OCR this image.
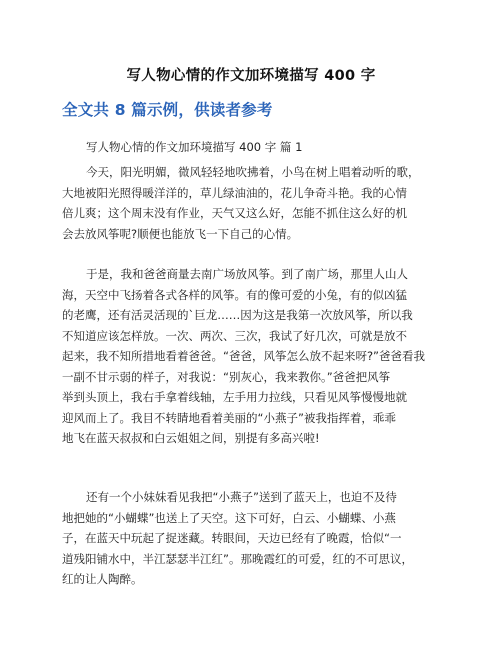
写人物心情的作文加环境描写 400 字
全文共 8 篇示例，供读者参考
写人物心情的作文加环境描写 400 字 篇 1

今天，阳光明媚，微风轻轻地吹拂着，小鸟在树上唱着动听的歌，
大地被阳光照得暖洋洋的，草儿绿油油的，花儿争奇斗艳。我的心情
倍儿爽；这个周末没有作业，天气又这么好，怎能不抓住这么好的机
会去放风筝呢?顺便也能放飞一下自己的心情。

于是，我和爸爸商量去南广场放风筝。到了南广场，那里人山人
海，天空中飞扬着各式各样的风筝。有的像可爱的小兔，有的似凶猛
的老鹰，还有活灵活现的`巨龙……因为这是我第一次放风筝，所以我
不知道应该怎样放。一次、两次、三次，我试了好几次，可就是放不
起来，我不知所措地看着爸爸。“爸爸，风筝怎么放不起来呀?”爸爸看我
一副不甘示弱的样子，对我说：“别灰心，我来教你。”爸爸把风筝
举到头顶上，我右手拿着线轴，左手用力拉线，只看见风筝慢慢地就
迎风而上了。我目不转睛地看着美丽的“小燕子”被我指挥着，乖乖
地飞在蓝天叔叔和白云姐姐之间，别提有多高兴啦!

还有一个小妹妹看见我把“小燕子”送到了蓝天上，也迫不及待
地把她的“小蝴蝶”也送上了天空。这下可好，白云、小蝴蝶、小燕
子，在蓝天中玩起了捉迷藏。转眼间，天边已经有了晚霞，恰似“一
道残阳铺水中，半江瑟瑟半江红”。那晚霞红的可爱，红的不可思议，
红的让人陶醉。
